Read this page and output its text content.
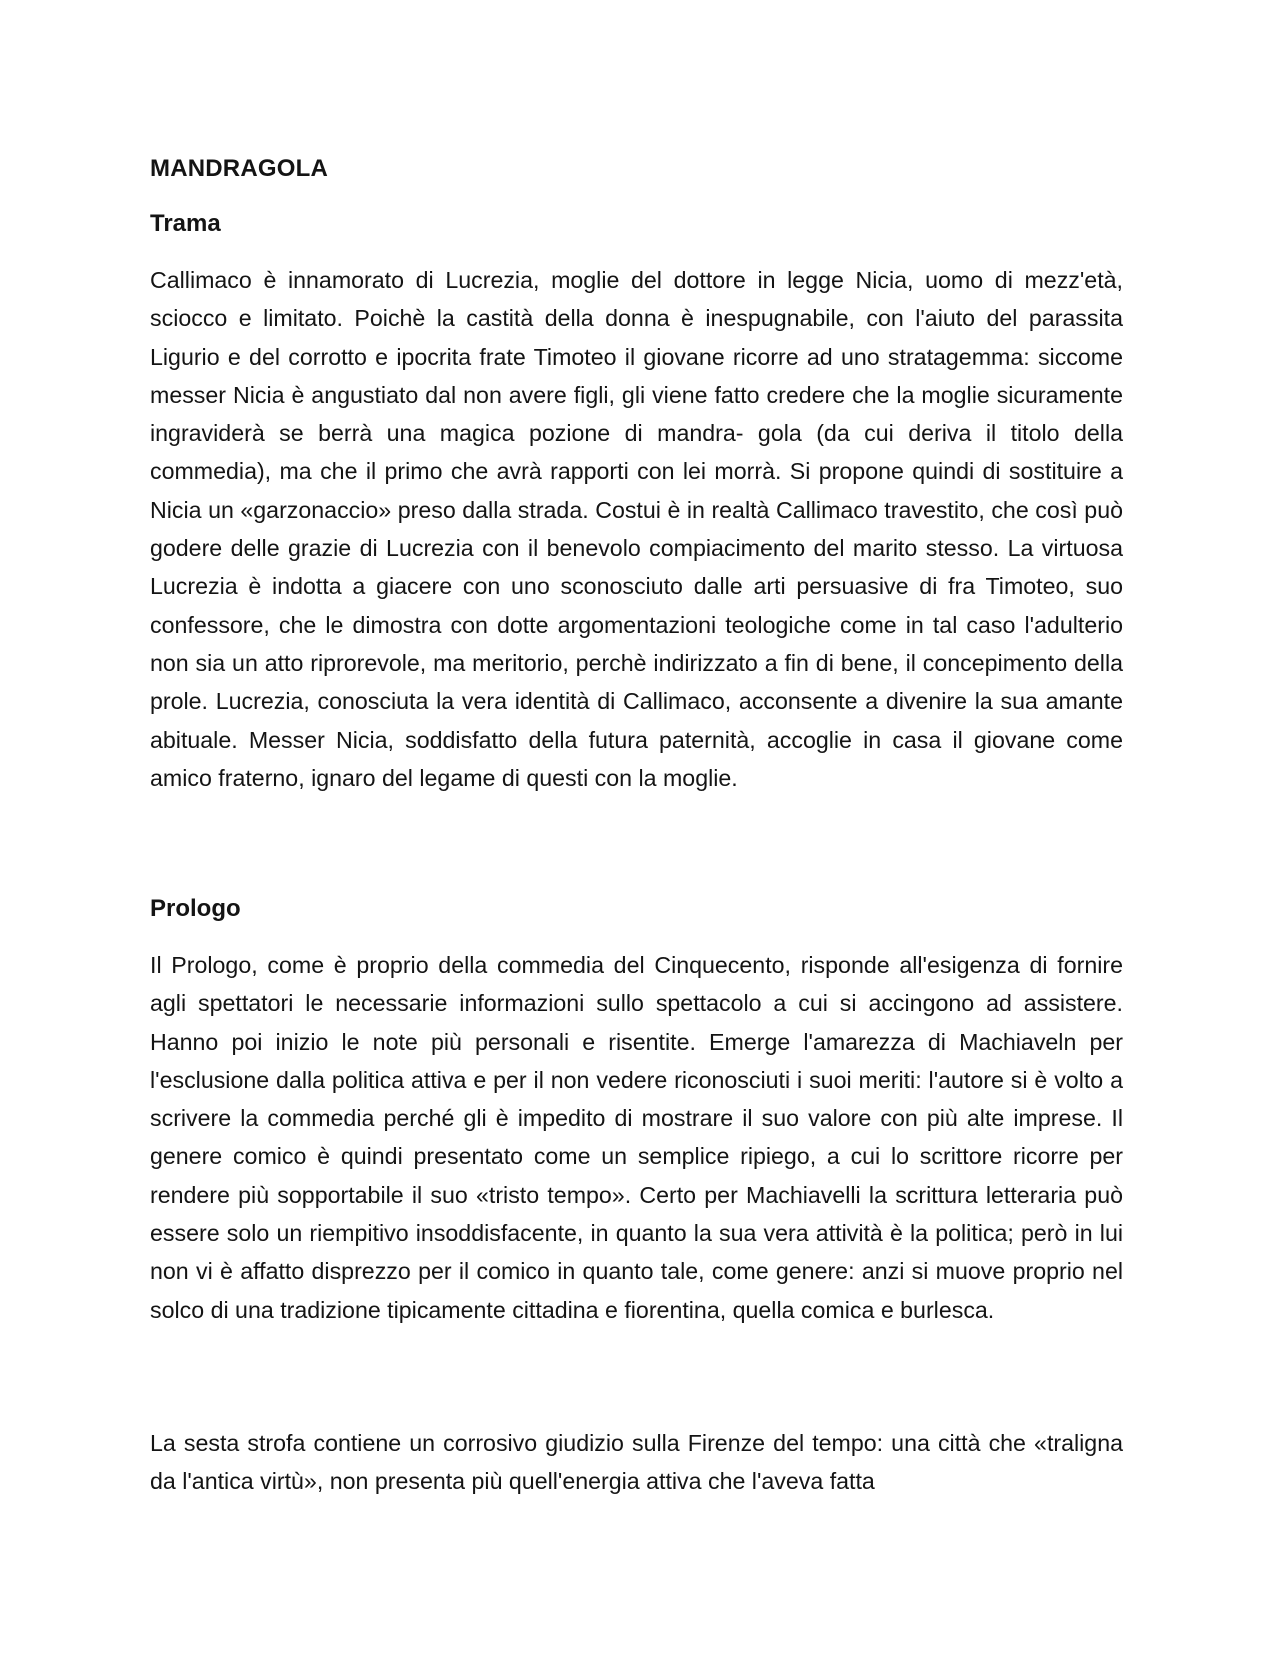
MANDRAGOLA
Trama

Callimaco è innamorato di Lucrezia, moglie del dottore in legge Nicia, uomo di mezz'età, sciocco e limitato. Poichè la castità della donna è inespugnabile, con l'aiuto del parassita Ligurio e del corrotto e ipocrita frate Timoteo il giovane ricorre ad uno stratagemma: siccome messer Nicia è angustiato dal non avere figli, gli viene fatto credere che la moglie sicuramente ingraviderà se berrà una magica pozione di mandra- gola (da cui deriva il titolo della commedia), ma che il primo che avrà rapporti con lei morrà. Si propone quindi di sostituire a Nicia un «garzonaccio» preso dalla strada. Costui è in realtà Callimaco travestito, che così può godere delle grazie di Lucrezia con il benevolo compiacimento del marito stesso. La virtuosa Lucrezia è indotta a giacere con uno sconosciuto dalle arti persuasive di fra Timoteo, suo confessore, che le dimostra con dotte argomentazioni teologiche come in tal caso l'adulterio non sia un atto riprorevole, ma meritorio, perchè indirizzato a fin di bene, il concepimento della prole. Lucrezia, conosciuta la vera identità di Callimaco, acconsente a divenire la sua amante abituale. Messer Nicia, soddisfatto della futura paternità, accoglie in casa il giovane come amico fraterno, ignaro del legame di questi con la moglie.

Prologo

Il Prologo, come è proprio della commedia del Cinquecento, risponde all'esigenza di fornire agli spettatori le necessarie informazioni sullo spettacolo a cui si accingono ad assistere. Hanno poi inizio le note più personali e risentite. Emerge l'amarezza di Machiaveln per l'esclusione dalla politica attiva e per il non vedere riconosciuti i suoi meriti: l'autore si è volto a scrivere la commedia perché gli è impedito di mostrare il suo valore con più alte imprese. Il genere comico è quindi presentato come un semplice ripiego, a cui lo scrittore ricorre per rendere più sopportabile il suo «tristo tempo». Certo per Machiavelli la scrittura letteraria può essere solo un riempitivo insoddisfacente, in quanto la sua vera attività è la politica; però in lui non vi è affatto disprezzo per il comico in quanto tale, come genere: anzi si muove proprio nel solco di una tradizione tipicamente cittadina e fiorentina, quella comica e burlesca.

La sesta strofa contiene un corrosivo giudizio sulla Firenze del tempo: una città che «traligna da l'antica virtù», non presenta più quell'energia attiva che l'aveva fatta
